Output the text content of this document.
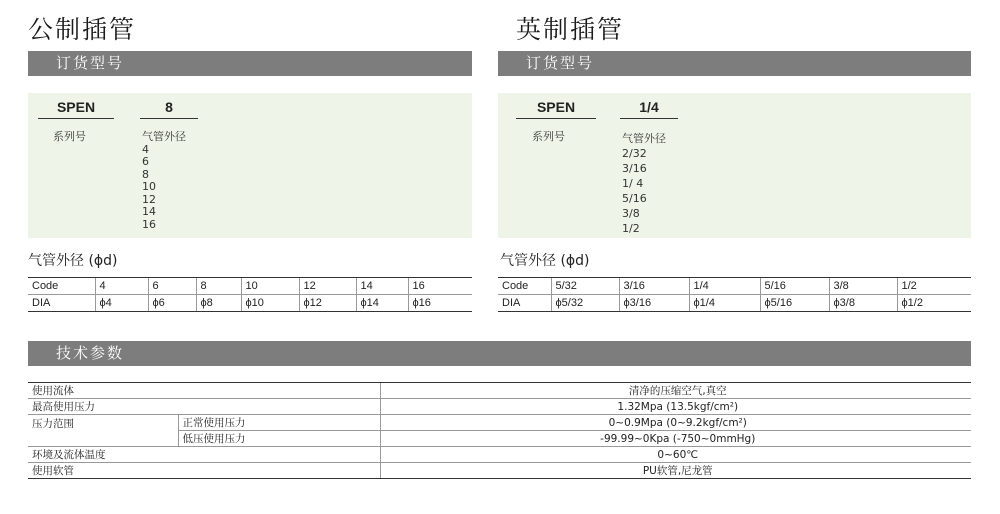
公制插管
订货型号
SPEN	8
系列号	气管外径
4
6
8
10
12
14
16
气管外径 (ϕd)
Code	4	6	8	10	12	14	16
DIA	ϕ4	ϕ6	ϕ8	ϕ10	ϕ12	ϕ14	ϕ16
英制插管
订货型号
SPEN	1/4
系列号	气管外径
2/32
3/16
1/ 4
5/16
3/8
1/2
气管外径 (ϕd)
Code	5/32	3/16	1/4	5/16	3/8	1/2
DIA	ϕ5/32	ϕ3/16	ϕ1/4	ϕ5/16	ϕ3/8	ϕ1/2
技术参数
使用流体		清净的压缩空气,真空
最高使用压力		1.32Mpa (13.5kgf/cm²)
压力范围	正常使用压力	0~0.9Mpa (0~9.2kgf/cm²)
	低压使用压力	-99.99~0Kpa (-750~0mmHg)
环境及流体温度		0~60℃
使用软管		PU软管,尼龙管
